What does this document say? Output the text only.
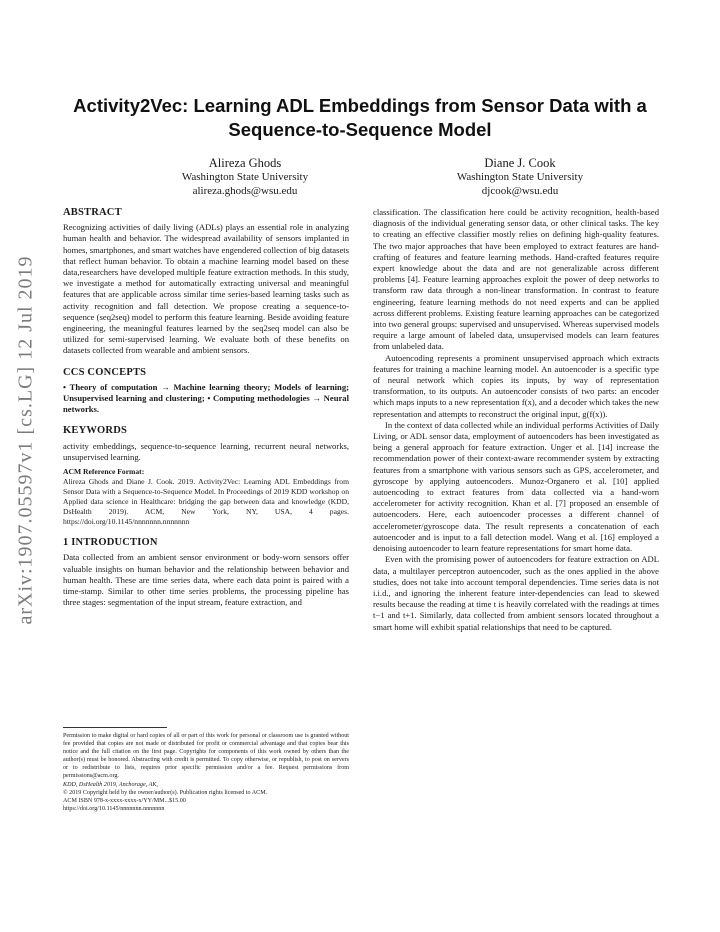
arXiv:1907.05597v1 [cs.LG] 12 Jul 2019
Activity2Vec: Learning ADL Embeddings from Sensor Data with a Sequence-to-Sequence Model
Alireza Ghods
Washington State University
alireza.ghods@wsu.edu
Diane J. Cook
Washington State University
djcook@wsu.edu
ABSTRACT

Recognizing activities of daily living (ADLs) plays an essential role in analyzing human health and behavior. The widespread availability of sensors implanted in homes, smartphones, and smart watches have engendered collection of big datasets that reflect human behavior. To obtain a machine learning model based on these data,researchers have developed multiple feature extraction methods. In this study, we investigate a method for automatically extracting universal and meaningful features that are applicable across similar time series-based learning tasks such as activity recognition and fall detection. We propose creating a sequence-to-sequence (seq2seq) model to perform this feature learning. Beside avoiding feature engineering, the meaningful features learned by the seq2seq model can also be utilized for semi-supervised learning. We evaluate both of these benefits on datasets collected from wearable and ambient sensors.

CCS CONCEPTS
• Theory of computation → Machine learning theory; Models of learning; Unsupervised learning and clustering; • Computing methodologies → Neural networks.
KEYWORDS

activity embeddings, sequence-to-sequence learning, recurrent neural networks, unsupervised learning.

ACM Reference Format:
Alireza Ghods and Diane J. Cook. 2019. Activity2Vec: Learning ADL Embeddings from Sensor Data with a Sequence-to-Sequence Model. In Proceedings of 2019 KDD workshop on Applied data science in Healthcare: bridging the gap between data and knowledge (KDD, DsHealth 2019). ACM, New York, NY, USA, 4 pages. https://doi.org/10.1145/nnnnnnn.nnnnnnn
1 INTRODUCTION

Data collected from an ambient sensor environment or body-worn sensors offer valuable insights on human behavior and the relationship between behavior and human health. These are time series data, where each data point is paired with a time-stamp. Similar to other time series problems, the processing pipeline has three stages: segmentation of the input stream, feature extraction, and

Permission to make digital or hard copies of all or part of this work for personal or classroom use is granted without fee provided that copies are not made or distributed for profit or commercial advantage and that copies bear this notice and the full citation on the first page. Copyrights for components of this work owned by others than the author(s) must be honored. Abstracting with credit is permitted. To copy otherwise, or republish, to post on servers or to redistribute to lists, requires prior specific permission and/or a fee. Request permissions from permissions@acm.org.
KDD, DsHealth 2019, Anchorage, AK,
© 2019 Copyright held by the owner/author(s). Publication rights licensed to ACM.
ACM ISBN 978-x-xxxx-xxxx-x/YY/MM...$15.00
https://doi.org/10.1145/nnnnnnn.nnnnnnn

classification. The classification here could be activity recognition, health-based diagnosis of the individual generating sensor data, or other clinical tasks. The key to creating an effective classifier mostly relies on defining high-quality features. The two major approaches that have been employed to extract features are hand-crafting of features and feature learning methods. Hand-crafted features require expert knowledge about the data and are not generalizable across different problems [4]. Feature learning approaches exploit the power of deep networks to transform raw data through a non-linear transformation. In contrast to feature engineering, feature learning methods do not need experts and can be applied across different problems. Existing feature learning approaches can be categorized into two general groups: supervised and unsupervised. Whereas supervised models require a large amount of labeled data, unsupervised models can learn features from unlabeled data.

Autoencoding represents a prominent unsupervised approach which extracts features for training a machine learning model. An autoencoder is a specific type of neural network which copies its inputs, by way of representation transformation, to its outputs. An autoencoder consists of two parts: an encoder which maps inputs to a new representation f(x), and a decoder which takes the new representation and attempts to reconstruct the original input, g(f(x)).

In the context of data collected while an individual performs Activities of Daily Living, or ADL sensor data, employment of autoencoders has been investigated as being a general approach for feature extraction. Unger et al. [14] increase the recommendation power of their context-aware recommender system by extracting features from a smartphone with various sensors such as GPS, accelerometer, and gyroscope by applying autoencoders. Munoz-Organero et al. [10] applied autoencoding to extract features from data collected via a hand-worn accelerometer for activity recognition. Khan et al. [7] proposed an ensemble of autoencoders. Here, each autoencoder processes a different channel of accelerometer/gyroscope data. The result represents a concatenation of each autoencoder and is input to a fall detection model. Wang et al. [16] employed a denoising autoencoder to learn feature representations for smart home data.

Even with the promising power of autoencoders for feature extraction on ADL data, a multilayer perceptron autoencoder, such as the ones applied in the above studies, does not take into account temporal dependencies. Time series data is not i.i.d., and ignoring the inherent feature inter-dependencies can lead to skewed results because the reading at time t is heavily correlated with the readings at times t−1 and t+1. Similarly, data collected from ambient sensors located throughout a smart home will exhibit spatial relationships that need to be captured.
